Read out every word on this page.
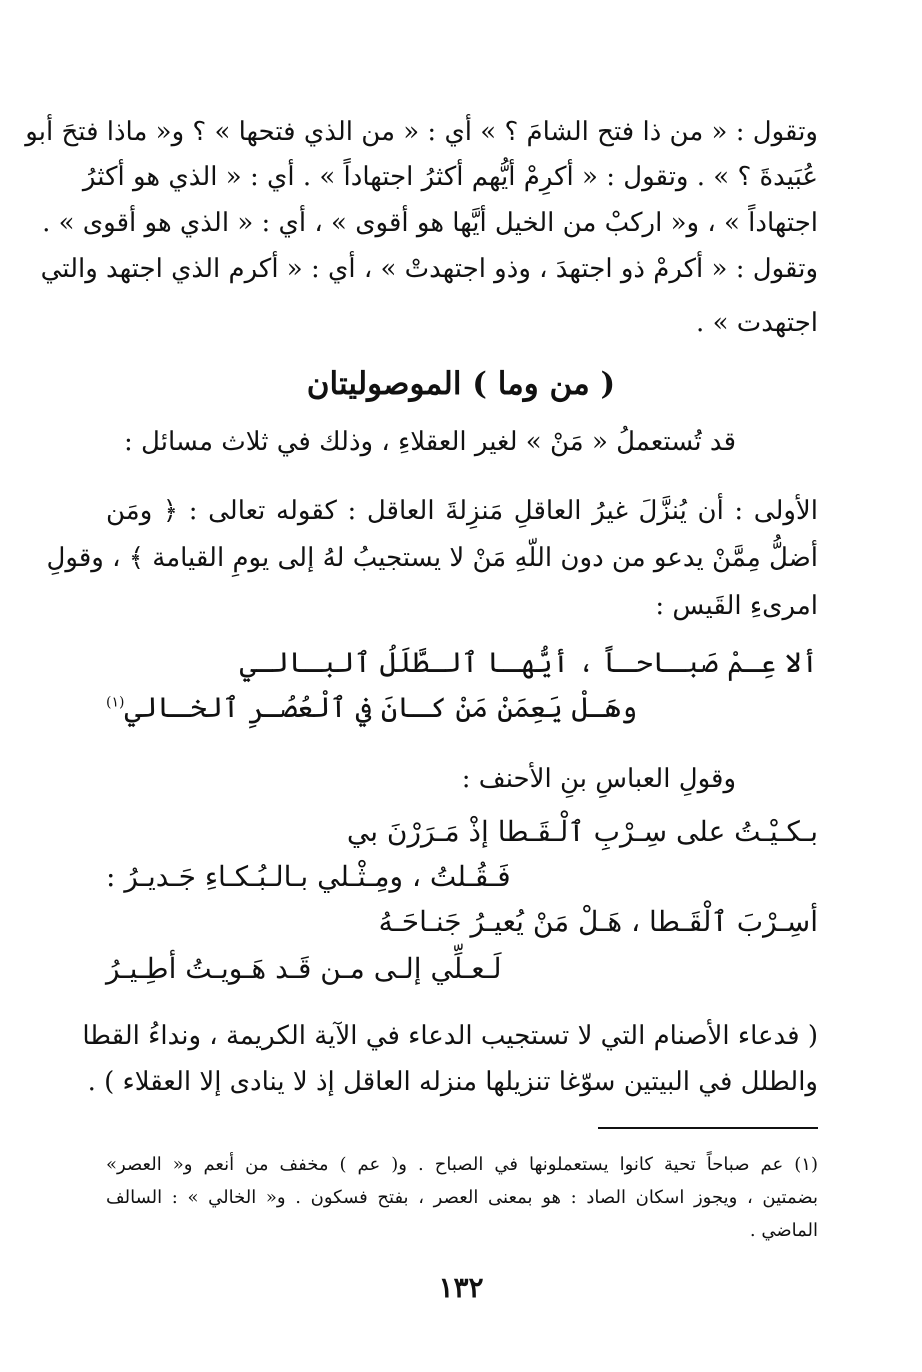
وتقول : « من ذا فتح الشامَ ؟ » أي : « من الذي فتحها » ؟ و« ماذا فتحَ أبو
عُبَيدةَ ؟ » . وتقول : « أكرِمْ أيُّهم أكثرُ اجتهاداً » . أي : « الذي هو أكثرُ
اجتهاداً » ، و« اركبْ من الخيل أيَّها هو أقوى » ، أي : « الذي هو أقوى » .
وتقول : « أكرمْ ذو اجتهدَ ، وذو اجتهدتْ » ، أي : « أكرم الذي اجتهد والتي
اجتهدت » .
( من وما ) الموصوليتان
قد تُستعملُ « مَنْ » لغير العقلاءِ ، وذلك في ثلاث مسائل :
الأولى : أن يُنزَّلَ غيرُ العاقلِ مَنزِلةَ العاقل : كقوله تعالى : ﴿ ومَن
أضلُّ مِمَّنْ يدعو من دون اللّهِ مَنْ لا يستجيبُ لهُ إلى يومِ القيامة ﴾ ، وقولِ
امرىءِ القَيس :
ألا عِـمْ صَبـاحـاً ، أيُّهـا ٱلـطَّلَلُ ٱلبـالـي
وهَـلْ يَعِمَنْ مَنْ كـانَ في ٱلْعُصُـرِ ٱلخـالي$^{(١)}$
وقولِ العباسِ بنِ الأحنف :
بـكـيْـتُ على سِـرْبِ ٱلْـقَـطا إذْ مَـرَرْنَ بي
فَـقُـلتُ ، ومِـثْـلي بـالـبُـكـاءِ جَـديـرُ :
أسِـرْبَ ٱلْقَـطا ، هَـلْ مَنْ يُعيـرُ جَنـاحَـهُ
لَـعـلِّي إلـى مـن قَـد هَـويـتُ أطِـيـرُ
( فدعاء الأصنام التي لا تستجيب الدعاء في الآية الكريمة ، ونداءُ القطا
والطلل في البيتين سوّغا تنزيلها منزله العاقل إذ لا ينادى إلا العقلاء ) .
(١) عم صباحاً تحية كانوا يستعملونها في الصباح . و( عم ) مخفف من أنعم و« العصر»
بضمتين ، ويجوز اسكان الصاد : هو بمعنى العصر ، بفتح فسكون . و« الخالي » : السالف
الماضي .
١٣٢
